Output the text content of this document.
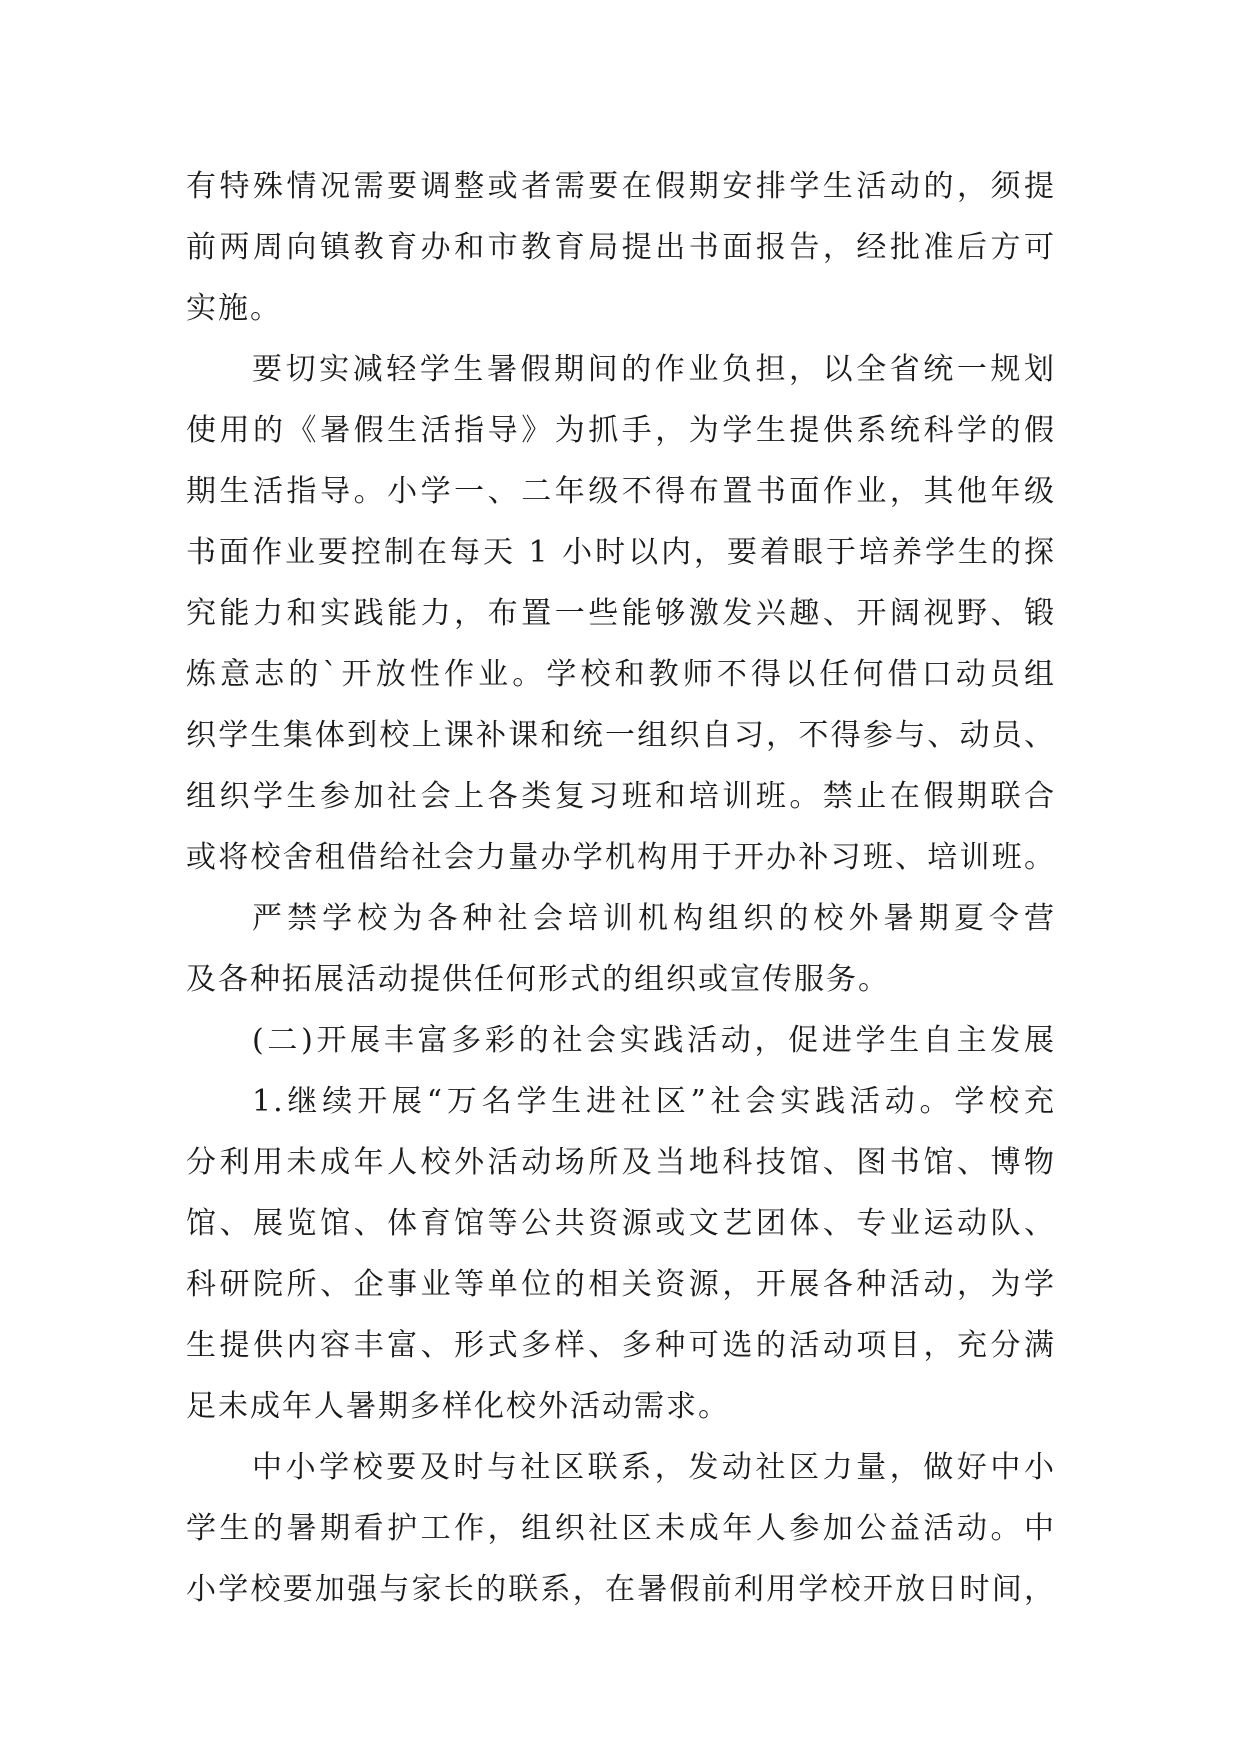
有特殊情况需要调整或者需要在假期安排学生活动的，须提
前两周向镇教育办和市教育局提出书面报告，经批准后方可
实施。
要切实减轻学生暑假期间的作业负担，以全省统一规划
使用的《暑假生活指导》为抓手，为学生提供系统科学的假
期生活指导。小学一、二年级不得布置书面作业，其他年级
书面作业要控制在每天 1 小时以内，要着眼于培养学生的探
究能力和实践能力，布置一些能够激发兴趣、开阔视野、锻
炼意志的`开放性作业。学校和教师不得以任何借口动员组
织学生集体到校上课补课和统一组织自习，不得参与、动员、
组织学生参加社会上各类复习班和培训班。禁止在假期联合
或将校舍租借给社会力量办学机构用于开办补习班、培训班。
严禁学校为各种社会培训机构组织的校外暑期夏令营
及各种拓展活动提供任何形式的组织或宣传服务。
(二)开展丰富多彩的社会实践活动，促进学生自主发展
1.继续开展“万名学生进社区”社会实践活动。学校充
分利用未成年人校外活动场所及当地科技馆、图书馆、博物
馆、展览馆、体育馆等公共资源或文艺团体、专业运动队、
科研院所、企事业等单位的相关资源，开展各种活动，为学
生提供内容丰富、形式多样、多种可选的活动项目，充分满
足未成年人暑期多样化校外活动需求。
中小学校要及时与社区联系，发动社区力量，做好中小
学生的暑期看护工作，组织社区未成年人参加公益活动。中
小学校要加强与家长的联系，在暑假前利用学校开放日时间，
